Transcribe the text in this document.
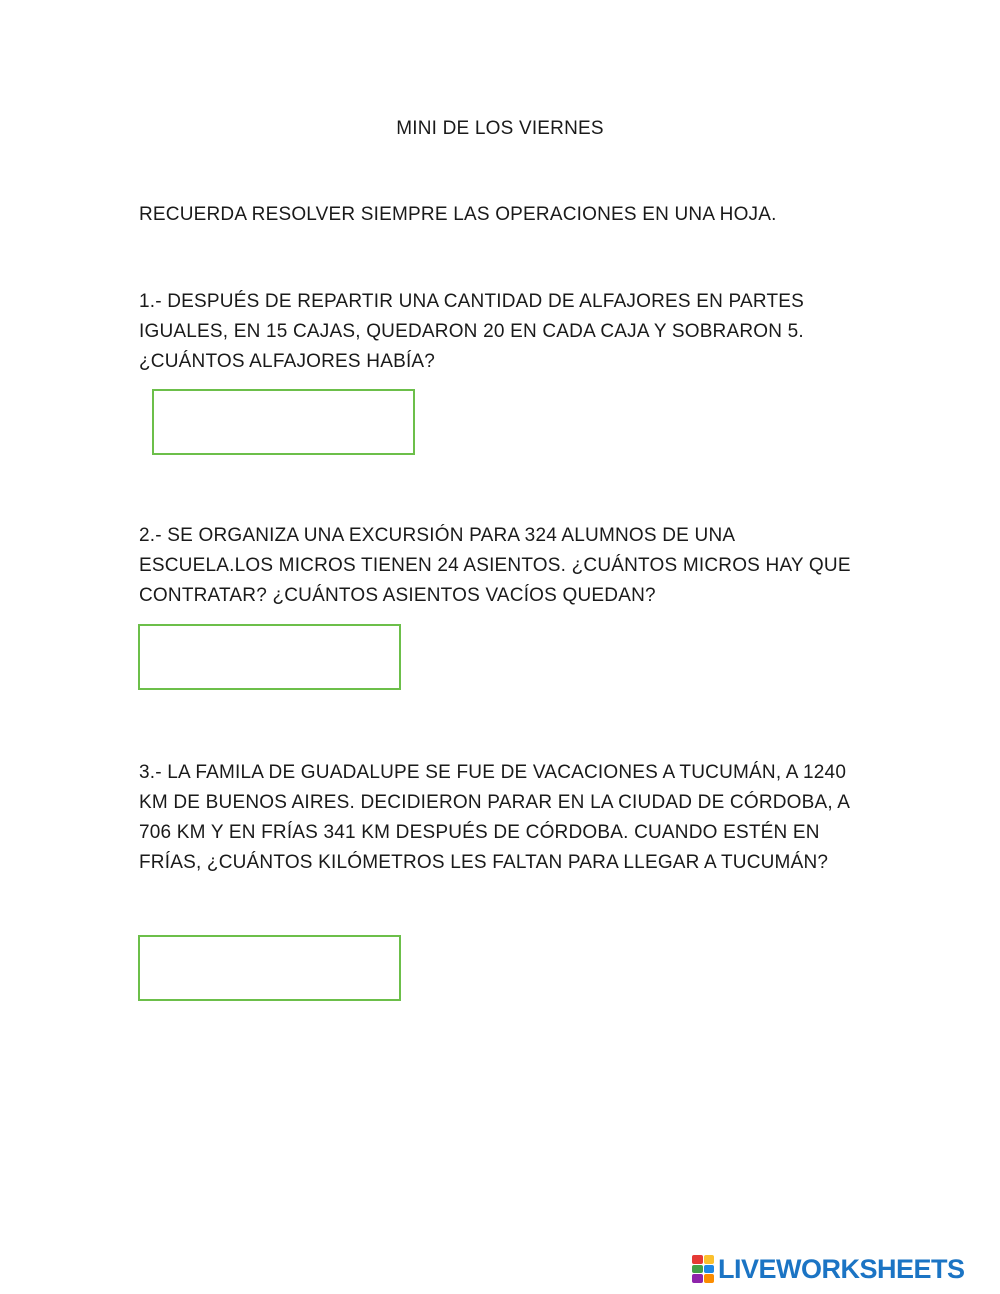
MINI DE LOS VIERNES
RECUERDA RESOLVER SIEMPRE LAS OPERACIONES EN UNA HOJA.

1.- DESPUÉS DE REPARTIR UNA CANTIDAD DE ALFAJORES EN PARTES

IGUALES, EN 15 CAJAS, QUEDARON 20 EN CADA CAJA Y SOBRARON 5.

¿CUÁNTOS ALFAJORES HABÍA?

2.- SE ORGANIZA UNA EXCURSIÓN PARA 324 ALUMNOS DE UNA

ESCUELA.LOS MICROS TIENEN 24 ASIENTOS. ¿CUÁNTOS MICROS HAY QUE

CONTRATAR? ¿CUÁNTOS ASIENTOS VACÍOS QUEDAN?

3.- LA FAMILA DE GUADALUPE SE FUE DE VACACIONES A TUCUMÁN, A 1240

KM DE BUENOS AIRES. DECIDIERON PARAR EN LA CIUDAD DE CÓRDOBA, A

706 KM Y EN FRÍAS 341 KM DESPUÉS DE CÓRDOBA. CUANDO ESTÉN EN

FRÍAS, ¿CUÁNTOS KILÓMETROS LES FALTAN PARA LLEGAR A TUCUMÁN?

LIVEWORKSHEETS
